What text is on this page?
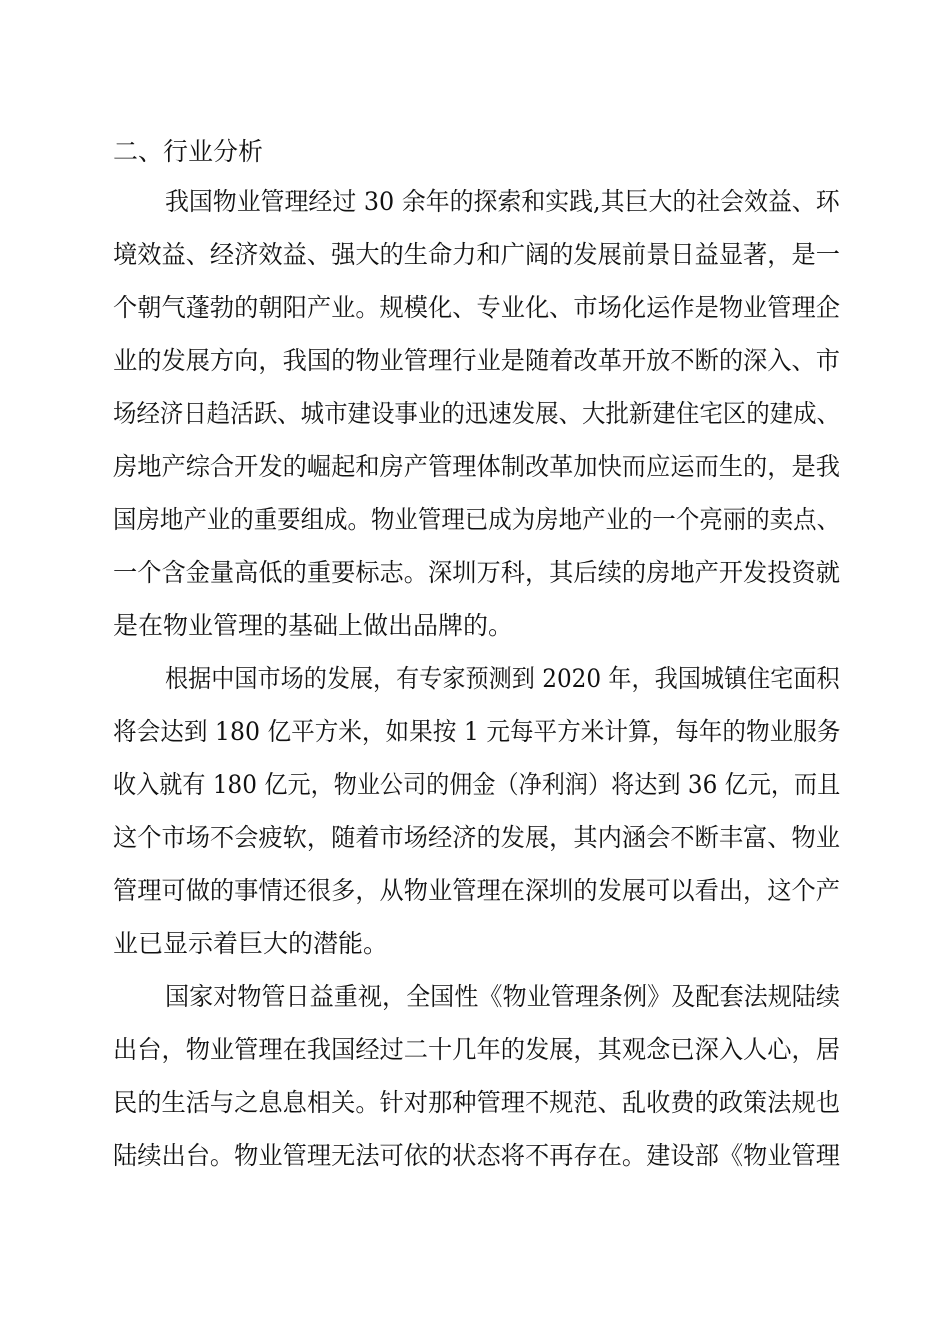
二、行业分析
我国物业管理经过 30 余年的探索和实践,其巨大的社会效益、环
境效益、经济效益、强大的生命力和广阔的发展前景日益显著，是一
个朝气蓬勃的朝阳产业。规模化、专业化、市场化运作是物业管理企
业的发展方向，我国的物业管理行业是随着改革开放不断的深入、市
场经济日趋活跃、城市建设事业的迅速发展、大批新建住宅区的建成、
房地产综合开发的崛起和房产管理体制改革加快而应运而生的，是我
国房地产业的重要组成。物业管理已成为房地产业的一个亮丽的卖点、
一个含金量高低的重要标志。深圳万科，其后续的房地产开发投资就
是在物业管理的基础上做出品牌的。
根据中国市场的发展，有专家预测到 2020 年，我国城镇住宅面积
将会达到 180 亿平方米，如果按 1 元每平方米计算，每年的物业服务
收入就有 180 亿元，物业公司的佣金（净利润）将达到 36 亿元，而且
这个市场不会疲软，随着市场经济的发展，其内涵会不断丰富、物业
管理可做的事情还很多，从物业管理在深圳的发展可以看出，这个产
业已显示着巨大的潜能。
国家对物管日益重视，全国性《物业管理条例》及配套法规陆续
出台，物业管理在我国经过二十几年的发展，其观念已深入人心，居
民的生活与之息息相关。针对那种管理不规范、乱收费的政策法规也
陆续出台。物业管理无法可依的状态将不再存在。建设部《物业管理
